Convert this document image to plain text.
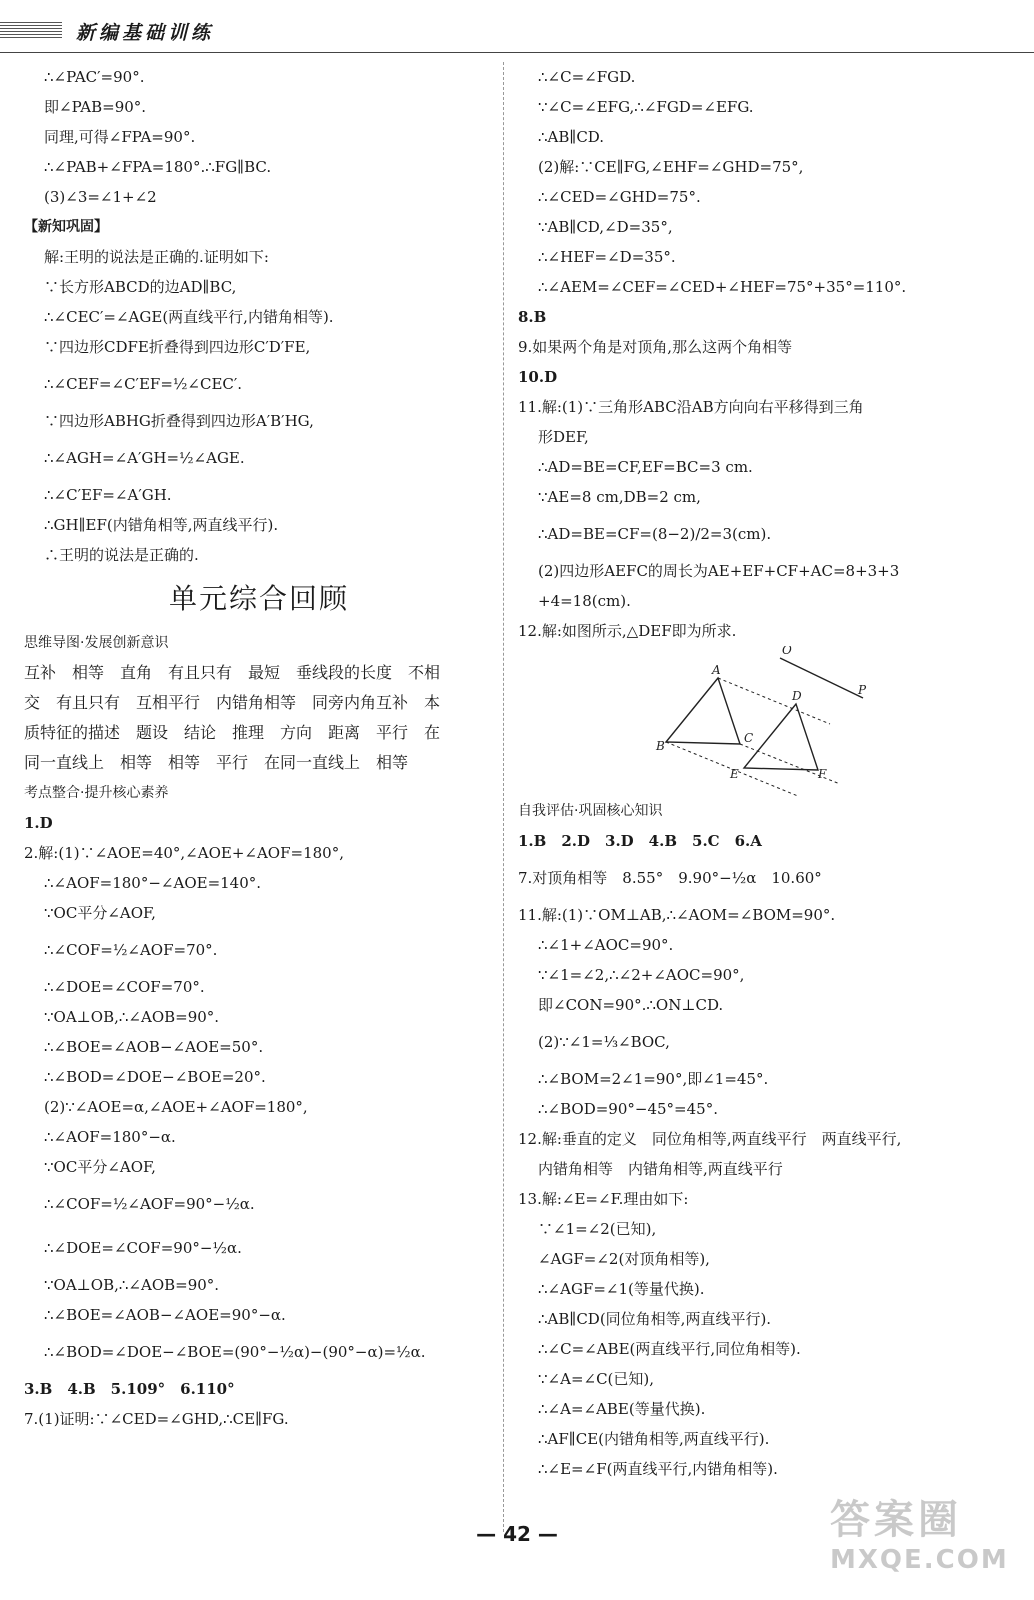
新编基础训练
∴∠PAC′=90°.
即∠PAB=90°.
同理,可得∠FPA=90°.
∴∠PAB+∠FPA=180°.∴FG∥BC.
(3)∠3=∠1+∠2
【新知巩固】
解:王明的说法是正确的.证明如下:
∵长方形ABCD的边AD∥BC,
∴∠CEC′=∠AGE(两直线平行,内错角相等).
∵四边形CDFE折叠得到四边形C′D′FE,
∴∠CEF=∠C′EF=½∠CEC′.
∵四边形ABHG折叠得到四边形A′B′HG,
∴∠AGH=∠A′GH=½∠AGE.
∴∠C′EF=∠A′GH.
∴GH∥EF(内错角相等,两直线平行).
∴王明的说法是正确的.
单元综合回顾
思维导图·发展创新意识
互补　相等　直角　有且只有　最短　垂线段的长度　不相
交　有且只有　互相平行　内错角相等　同旁内角互补　本
质特征的描述　题设　结论　推理　方向　距离　平行　在
同一直线上　相等　相等　平行　在同一直线上　相等
考点整合·提升核心素养
1.D
2.解:(1)∵∠AOE=40°,∠AOE+∠AOF=180°,
∴∠AOF=180°−∠AOE=140°.
∵OC平分∠AOF,
∴∠COF=½∠AOF=70°.
∴∠DOE=∠COF=70°.
∵OA⊥OB,∴∠AOB=90°.
∴∠BOE=∠AOB−∠AOE=50°.
∴∠BOD=∠DOE−∠BOE=20°.
(2)∵∠AOE=α,∠AOE+∠AOF=180°,
∴∠AOF=180°−α.
∵OC平分∠AOF,
∴∠COF=½∠AOF=90°−½α.
∴∠DOE=∠COF=90°−½α.
∵OA⊥OB,∴∠AOB=90°.
∴∠BOE=∠AOB−∠AOE=90°−α.
∴∠BOD=∠DOE−∠BOE=(90°−½α)−(90°−α)=½α.
3.B　4.B　5.109°　6.110°
7.(1)证明:∵∠CED=∠GHD,∴CE∥FG.
∴∠C=∠FGD.
∵∠C=∠EFG,∴∠FGD=∠EFG.
∴AB∥CD.
(2)解:∵CE∥FG,∠EHF=∠GHD=75°,
∴∠CED=∠GHD=75°.
∵AB∥CD,∠D=35°,
∴∠HEF=∠D=35°.
∴∠AEM=∠CEF=∠CED+∠HEF=75°+35°=110°.
8.B
9.如果两个角是对顶角,那么这两个角相等
10.D
11.解:(1)∵三角形ABC沿AB方向向右平移得到三角
形DEF,
∴AD=BE=CF,EF=BC=3 cm.
∵AE=8 cm,DB=2 cm,
∴AD=BE=CF=(8−2)/2=3(cm).
(2)四边形AEFC的周长为AE+EF+CF+AC=8+3+3
+4=18(cm).
12.解:如图所示,△DEF即为所求.
O
P
A
D
C
B
E	F
自我评估·巩固核心知识
1.B　2.D　3.D　4.B　5.C　6.A
7.对顶角相等　8.55°　9.90°−½α　10.60°
11.解:(1)∵OM⊥AB,∴∠AOM=∠BOM=90°.
∴∠1+∠AOC=90°.
∵∠1=∠2,∴∠2+∠AOC=90°,
即∠CON=90°.∴ON⊥CD.
(2)∵∠1=⅓∠BOC,
∴∠BOM=2∠1=90°,即∠1=45°.
∴∠BOD=90°−45°=45°.
12.解:垂直的定义　同位角相等,两直线平行　两直线平行,
内错角相等　内错角相等,两直线平行
13.解:∠E=∠F.理由如下:
∵∠1=∠2(已知),
∠AGF=∠2(对顶角相等),
∴∠AGF=∠1(等量代换).
∴AB∥CD(同位角相等,两直线平行).
∴∠C=∠ABE(两直线平行,同位角相等).
∵∠A=∠C(已知),
∴∠A=∠ABE(等量代换).
∴AF∥CE(内错角相等,两直线平行).
∴∠E=∠F(两直线平行,内错角相等).
— 42 —	答案圈
MXQE.COM
